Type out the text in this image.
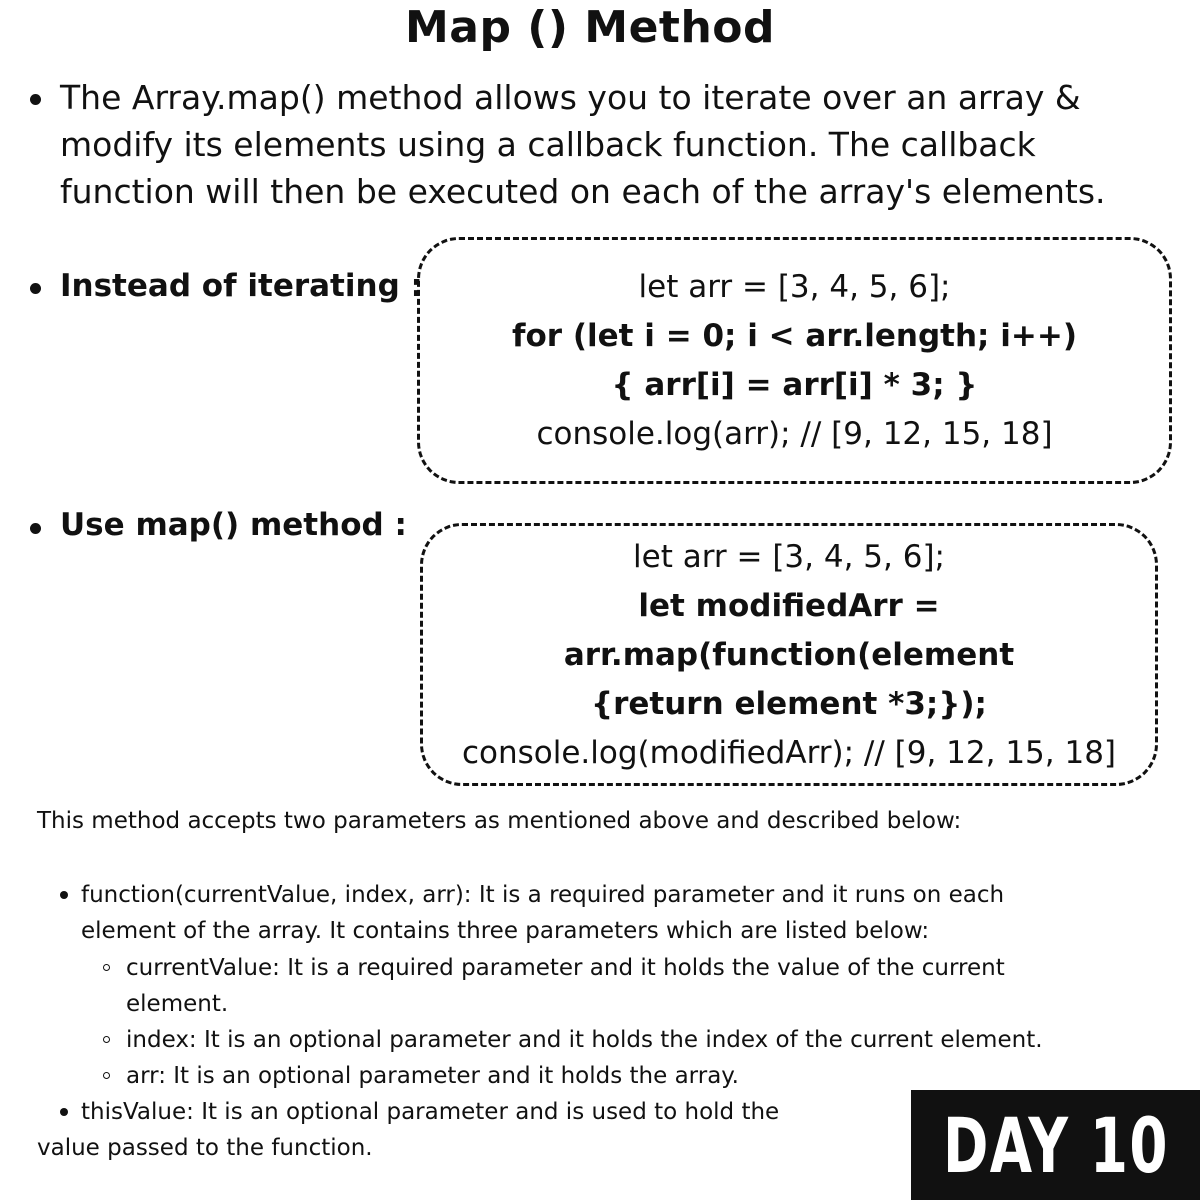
Map () Method
The Array.map() method allows you to iterate over an array & modify its elements using a callback function. The callback function will then be executed on each of the array's elements.
Instead of iterating :	let arr = [3, 4, 5, 6];
for (let i = 0; i < arr.length; i++)
{ arr[i] = arr[i] * 3; }
console.log(arr); // [9, 12, 15, 18]
Use map() method :
let arr = [3, 4, 5, 6];
let modifiedArr =
arr.map(function(element
{return element *3;});
console.log(modifiedArr); // [9, 12, 15, 18]
This method accepts two parameters as mentioned above and described below:
function(currentValue, index, arr): It is a required parameter and it runs on each
element of the array. It contains three parameters which are listed below:
currentValue: It is a required parameter and it holds the value of the current
element.
index: It is an optional parameter and it holds the index of the current element.
arr: It is an optional parameter and it holds the array.
thisValue: It is an optional parameter and is used to hold the
value passed to the function.	DAY 10
